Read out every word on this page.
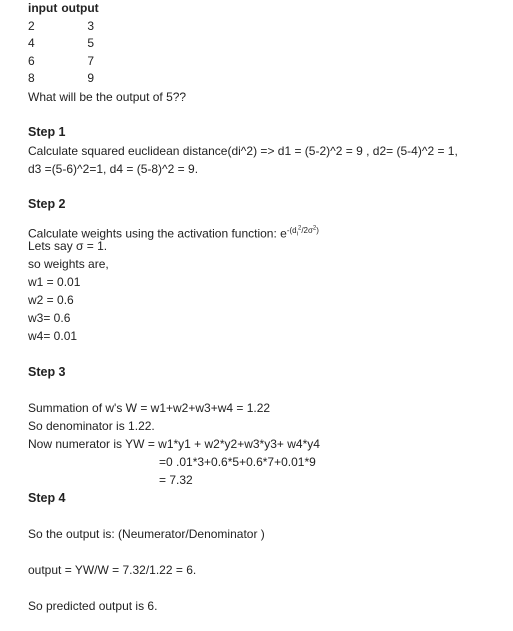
input	output
2	3
4	5
6	7
8	9
What will be the output of 5??
Step 1
Calculate squared euclidean distance(di^2) => d1 = (5-2)^2 = 9 , d2= (5-4)^2 = 1,
d3 =(5-6)^2=1, d4 = (5-8)^2 = 9.
Step 2
Calculate weights using the activation function: $e^{-(d_i^2/2\sigma^2)}$
Lets say σ = 1.
so weights are,
w1 = 0.01
w2 = 0.6
w3= 0.6
w4= 0.01
Step 3
Summation of w's W = w1+w2+w3+w4 = 1.22
So denominator is 1.22.
Now numerator is YW = w1*y1 + w2*y2+w3*y3+ w4*y4
=0 .01*3+0.6*5+0.6*7+0.01*9
= 7.32
Step 4
So the output is: (Neumerator/Denominator )
output = YW/W = 7.32/1.22 = 6.
So predicted output is 6.
